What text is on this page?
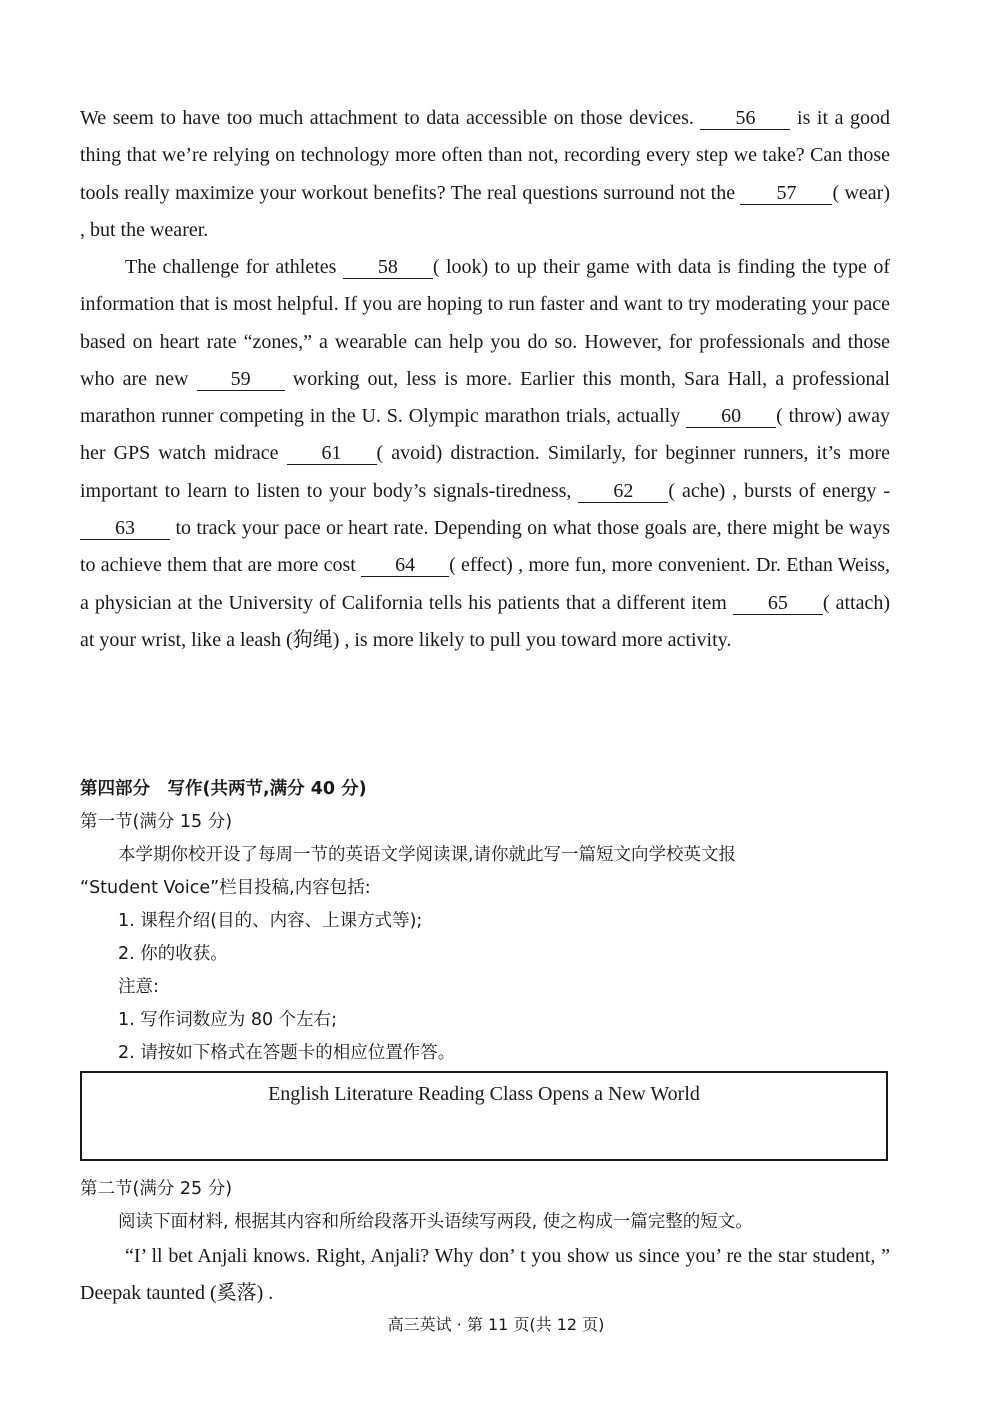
We seem to have too much attachment to data accessible on those devices. 56 is it a good thing that we’re relying on technology more often than not, recording every step we take? Can those tools really maximize your workout benefits? The real questions surround not the 57 ( wear) , but the wearer.
The challenge for athletes 58 ( look) to up their game with data is finding the type of information that is most helpful. If you are hoping to run faster and want to try moderating your pace based on heart rate “zones,” a wearable can help you do so. However, for professionals and those who are new 59 working out, less is more. Earlier this month, Sara Hall, a professional marathon runner competing in the U. S. Olympic marathon trials, actually 60 ( throw) away her GPS watch midrace 61 ( avoid) distraction. Similarly, for beginner runners, it’s more important to learn to listen to your body’s signals-tiredness, 62 ( ache) , bursts of energy - 63 to track your pace or heart rate. Depending on what those goals are, there might be ways to achieve them that are more cost 64 ( effect) , more fun, more convenient. Dr. Ethan Weiss, a physician at the University of California tells his patients that a different item 65 ( attach) at your wrist, like a leash (狗绳) , is more likely to pull you toward more activity.
第四部分　写作(共两节,满分 40 分)
第一节(满分 15 分)
本学期你校开设了每周一节的英语文学阅读课,请你就此写一篇短文向学校英文报
“Student Voice”栏目投稿,内容包括:
1. 课程介绍(目的、内容、上课方式等);
2. 你的收获。
注意:
1. 写作词数应为 80 个左右;
2. 请按如下格式在答题卡的相应位置作答。
English Literature Reading Class Opens a New World
第二节(满分 25 分)
阅读下面材料, 根据其内容和所给段落开头语续写两段, 使之构成一篇完整的短文。
“I’ ll bet Anjali knows. Right, Anjali? Why don’ t you show us since you’ re the star student, ” Deepak taunted (奚落) .
高三英试 · 第 11 页(共 12 页)
